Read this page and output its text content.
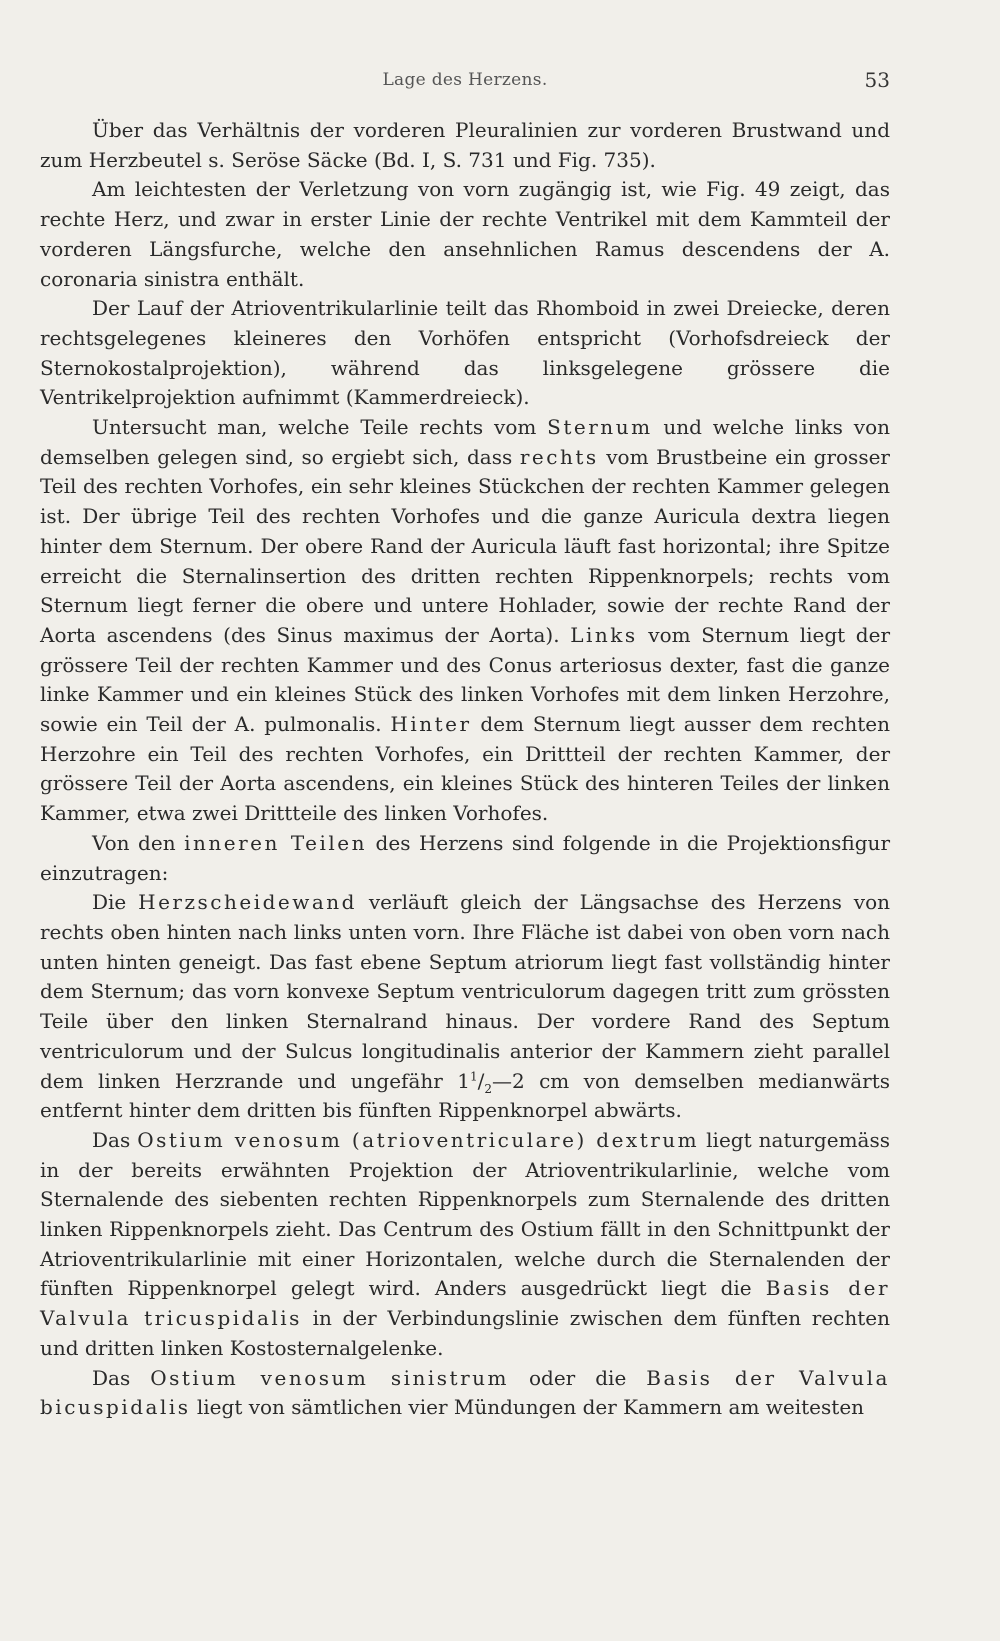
Lage des Herzens.	53

Über das Verhältnis der vorderen Pleuralinien zur vorderen Brustwand und zum Herzbeutel s. Seröse Säcke (Bd. I, S. 731 und Fig. 735).

Am leichtesten der Verletzung von vorn zugängig ist, wie Fig. 49 zeigt, das rechte Herz, und zwar in erster Linie der rechte Ventrikel mit dem Kammteil der vorderen Längsfurche, welche den ansehnlichen Ramus descendens der A. coronaria sinistra enthält.

Der Lauf der Atrioventrikularlinie teilt das Rhomboid in zwei Dreiecke, deren rechtsgelegenes kleineres den Vorhöfen entspricht (Vorhofsdreieck der Sternokostalprojektion), während das linksgelegene grössere die Ventrikelprojektion aufnimmt (Kammerdreieck).

Untersucht man, welche Teile rechts vom Sternum und welche links von demselben gelegen sind, so ergiebt sich, dass rechts vom Brustbeine ein grosser Teil des rechten Vorhofes, ein sehr kleines Stückchen der rechten Kammer gelegen ist. Der übrige Teil des rechten Vorhofes und die ganze Auricula dextra liegen hinter dem Sternum. Der obere Rand der Auricula läuft fast horizontal; ihre Spitze erreicht die Sternalinsertion des dritten rechten Rippenknorpels; rechts vom Sternum liegt ferner die obere und untere Hohlader, sowie der rechte Rand der Aorta ascendens (des Sinus maximus der Aorta). Links vom Sternum liegt der grössere Teil der rechten Kammer und des Conus arteriosus dexter, fast die ganze linke Kammer und ein kleines Stück des linken Vorhofes mit dem linken Herzohre, sowie ein Teil der A. pulmonalis. Hinter dem Sternum liegt ausser dem rechten Herzohre ein Teil des rechten Vorhofes, ein Drittteil der rechten Kammer, der grössere Teil der Aorta ascendens, ein kleines Stück des hinteren Teiles der linken Kammer, etwa zwei Drittteile des linken Vorhofes.

Von den inneren Teilen des Herzens sind folgende in die Projektionsfigur einzutragen:

Die Herzscheidewand verläuft gleich der Längsachse des Herzens von rechts oben hinten nach links unten vorn. Ihre Fläche ist dabei von oben vorn nach unten hinten geneigt. Das fast ebene Septum atriorum liegt fast vollständig hinter dem Sternum; das vorn konvexe Septum ventriculorum dagegen tritt zum grössten Teile über den linken Sternalrand hinaus. Der vordere Rand des Septum ventriculorum und der Sulcus longitudinalis anterior der Kammern zieht parallel dem linken Herzrande und ungefähr $1^1/_2—2$ cm von demselben medianwärts entfernt hinter dem dritten bis fünften Rippenknorpel abwärts.

Das Ostium venosum (atrioventriculare) dextrum liegt naturgemäss in der bereits erwähnten Projektion der Atrioventrikularlinie, welche vom Sternalende des siebenten rechten Rippenknorpels zum Sternalende des dritten linken Rippenknorpels zieht. Das Centrum des Ostium fällt in den Schnittpunkt der Atrioventrikularlinie mit einer Horizontalen, welche durch die Sternalenden der fünften Rippenknorpel gelegt wird. Anders ausgedrückt liegt die Basis der Valvula tricuspidalis in der Verbindungslinie zwischen dem fünften rechten und dritten linken Kostosternalgelenke.

Das Ostium venosum sinistrum oder die Basis der Valvula bicuspidalis liegt von sämtlichen vier Mündungen der Kammern am weitesten
